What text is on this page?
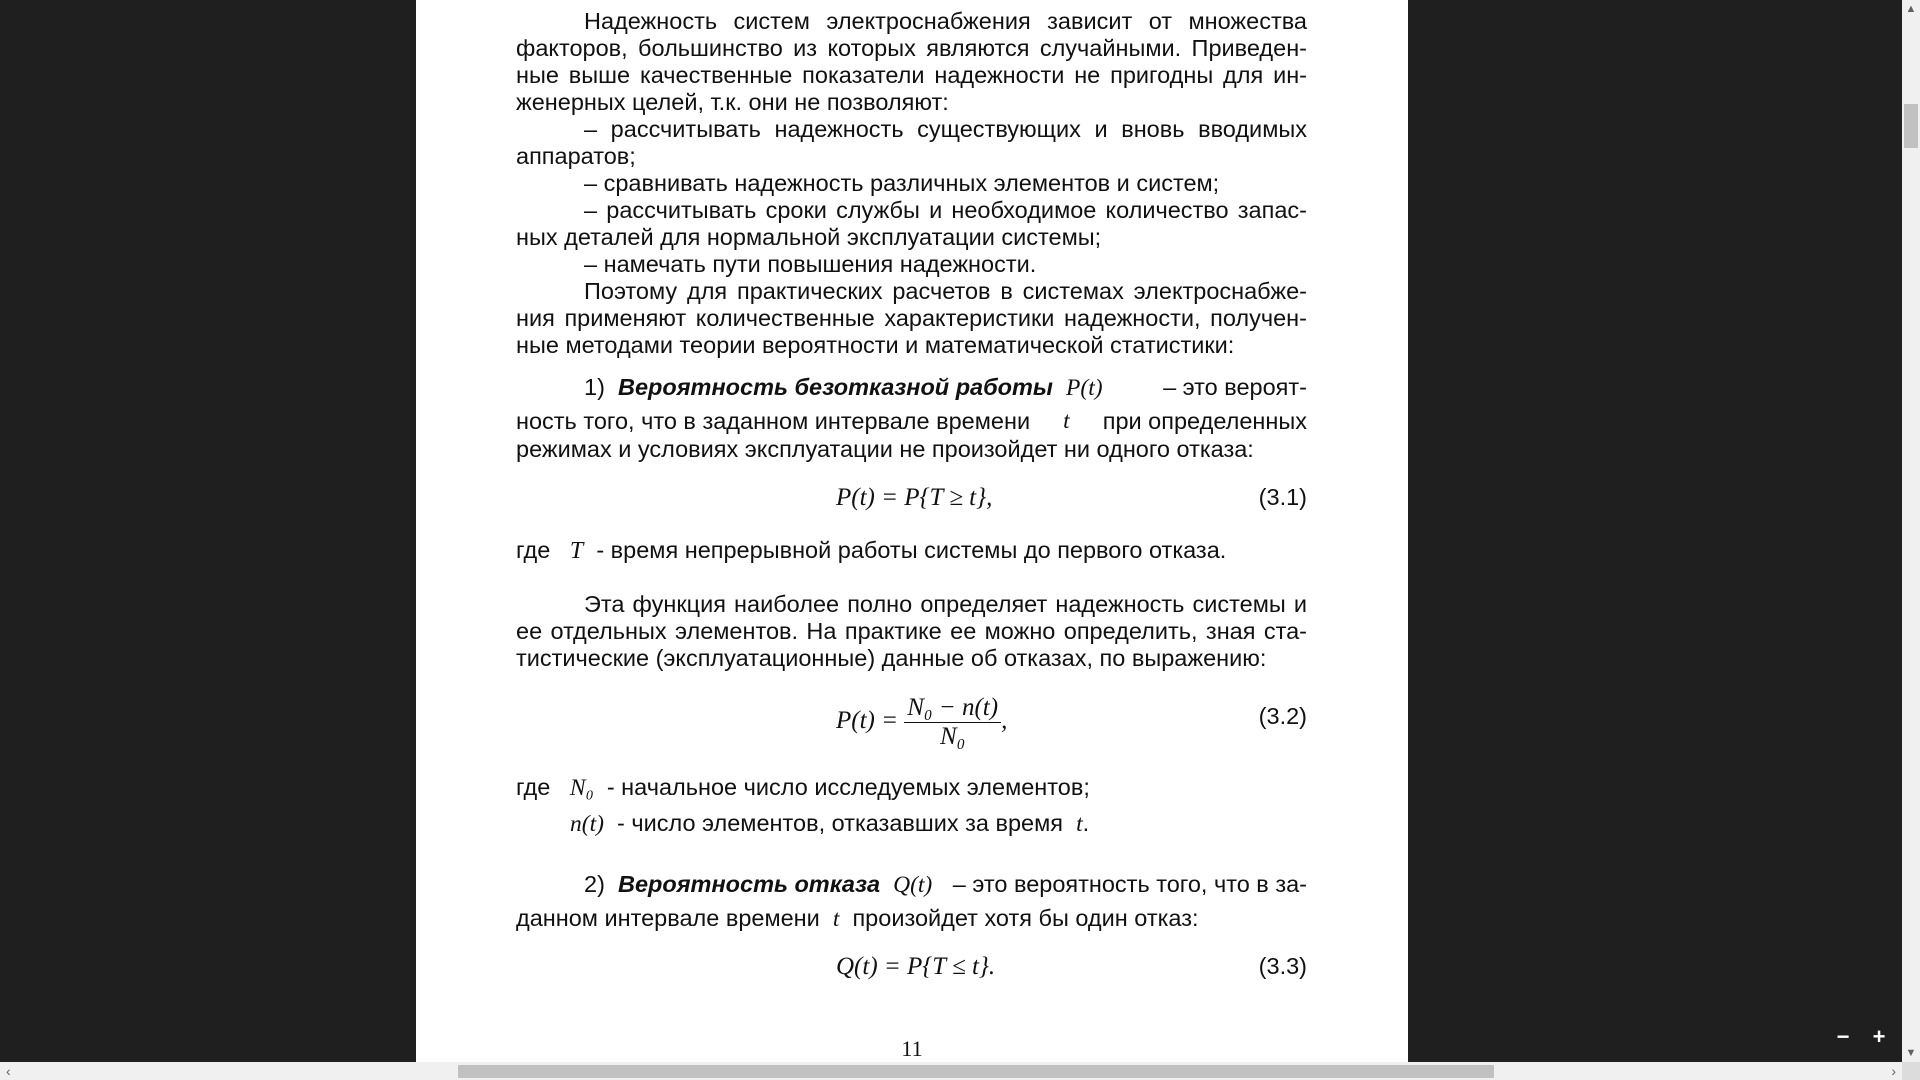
Надежность систем электроснабжения зависит от множества
факторов, большинство из которых являются случайными. Приведен-
ные выше качественные показатели надежности не пригодны для ин-
женерных целей, т.к. они не позволяют:
– рассчитывать надежность существующих и вновь вводимых
аппаратов;
– сравнивать надежность различных элементов и систем;
– рассчитывать сроки службы и необходимое количество запас-
ных деталей для нормальной эксплуатации системы;
– намечать пути повышения надежности.
Поэтому для практических расчетов в системах электроснабже-
ния применяют количественные характеристики надежности, получен-
ные методами теории вероятности и математической статистики:
1) Вероятность безотказной работы P(t)	– это вероят-
ность того, что в заданном интервале времени t при определенных
режимах и условиях эксплуатации не произойдет ни одного отказа:
P(t) = P{T ≥ t},	(3.1)
где T - время непрерывной работы системы до первого отказа.
Эта функция наиболее полно определяет надежность системы и
ее отдельных элементов. На практике ее можно определить, зная ста-
тистические (эксплуатационные) данные об отказах, по выражению:
$P(t) = \frac{\text{N₀ − n(t)}}{\text{N₀}}$ ,	(3.2)
где N₀ - начальное число исследуемых элементов;
n(t) - число элементов, отказавших за время t.
2) Вероятность отказа Q(t) – это вероятность того, что в за-
данном интервале времени t произойдет хотя бы один отказ:
Q(t) = P{T ≤ t}.	(3.3)
11	− +
▲
▼
‹	›
